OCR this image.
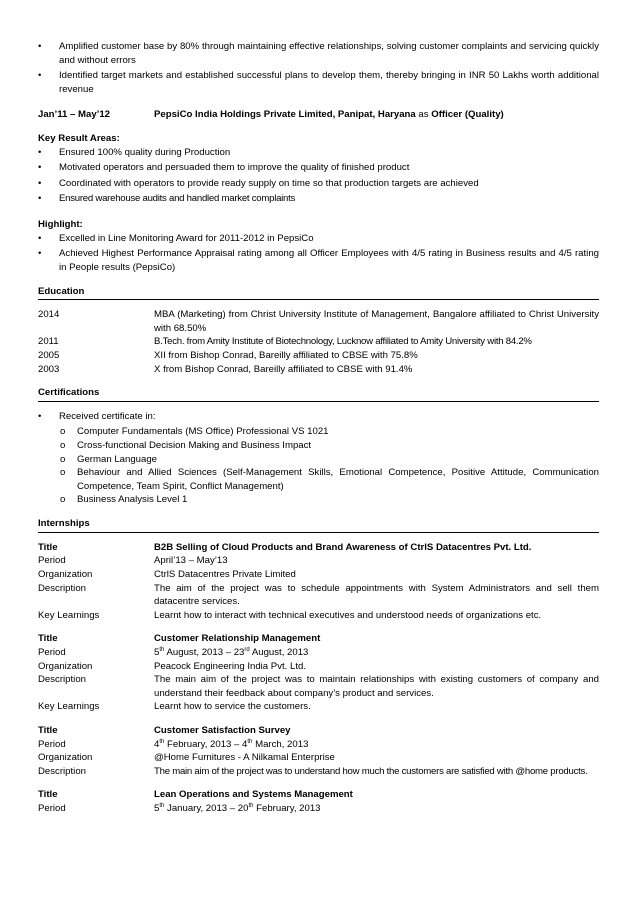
• Amplified customer base by 80% through maintaining effective relationships, solving customer complaints and servicing quickly and without errors

• Identified target markets and established successful plans to develop them, thereby bringing in INR 50 Lakhs worth additional revenue

Jan’11 – May’12	PepsiCo India Holdings Private Limited, Panipat, Haryana as Officer (Quality)
Key Result Areas:

• Ensured 100% quality during Production

• Motivated operators and persuaded them to improve the quality of finished product

• Coordinated with operators to provide ready supply on time so that production targets are achieved

• Ensured warehouse audits and handled market complaints

Highlight:

• Excelled in Line Monitoring Award for 2011-2012 in PepsiCo

• Achieved Highest Performance Appraisal rating among all Officer Employees with 4/5 rating in Business results and 4/5 rating in People results (PepsiCo)

Education
2014	MBA (Marketing) from Christ University Institute of Management, Bangalore affiliated to Christ University with 68.50%
2011	B.Tech. from Amity Institute of Biotechnology, Lucknow affiliated to Amity University with 84.2%
2005	XII from Bishop Conrad, Bareilly affiliated to CBSE with 75.8%
2003	X from Bishop Conrad, Bareilly affiliated to CBSE with 91.4%
Certifications

• Received certificate in:

o Computer Fundamentals (MS Office) Professional VS 1021

o Cross-functional Decision Making and Business Impact

o German Language

o Behaviour and Allied Sciences (Self-Management Skills, Emotional Competence, Positive Attitude, Communication Competence, Team Spirit, Conflict Management)

o Business Analysis Level 1

Internships
Title	B2B Selling of Cloud Products and Brand Awareness of CtrlS Datacentres Pvt. Ltd.
Period	April’13 – May’13
Organization	CtrlS Datacentres Private Limited
Description	The aim of the project was to schedule appointments with System Administrators and sell them datacentre services.
Key Learnings	Learnt how to interact with technical executives and understood needs of organizations etc.
Title	Customer Relationship Management
Period	5th August, 2013 – 23rd August, 2013
Organization	Peacock Engineering India Pvt. Ltd.
Description	The main aim of the project was to maintain relationships with existing customers of company and understand their feedback about company’s product and services.
Key Learnings	Learnt how to service the customers.
Title	Customer Satisfaction Survey
Period	4th February, 2013 – 4th March, 2013
Organization	@Home Furnitures - A Nilkamal Enterprise
Description	The main aim of the project was to understand how much the customers are satisfied with @home products.
Title	Lean Operations and Systems Management
Period	5th January, 2013 – 20th February, 2013
